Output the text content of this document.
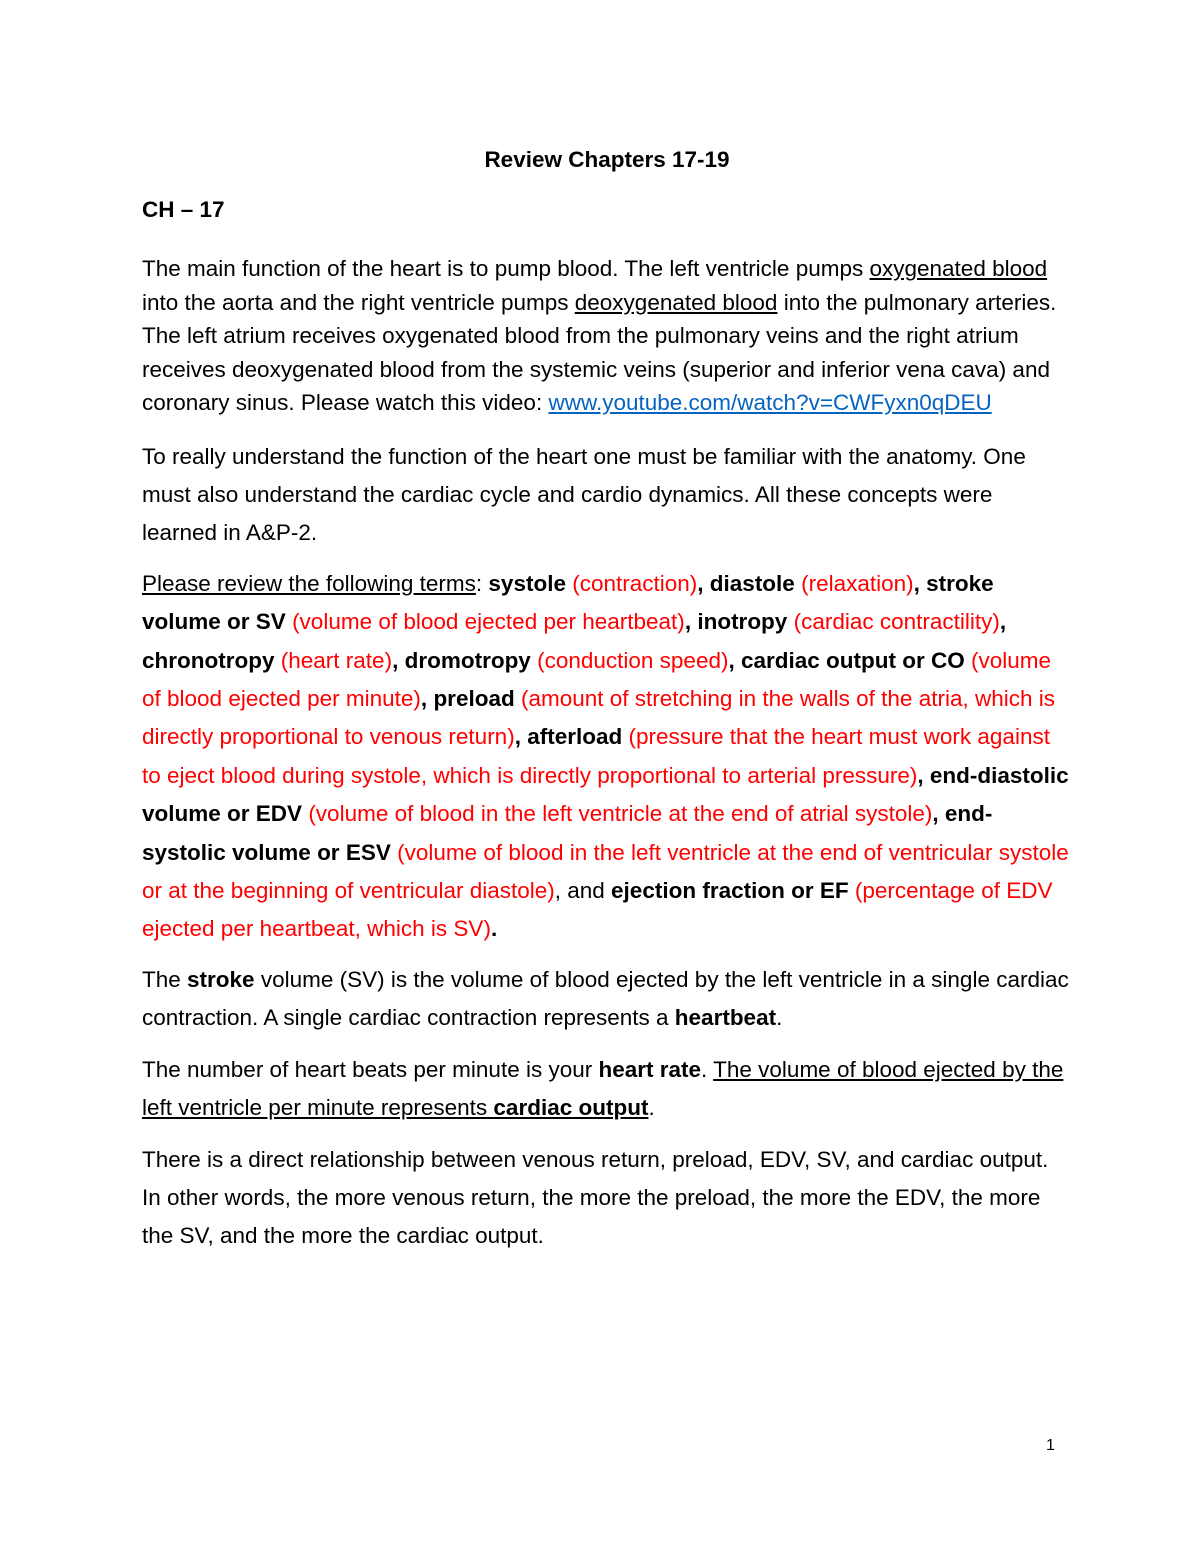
Review Chapters 17-19
CH – 17

The main function of the heart is to pump blood. The left ventricle pumps oxygenated blood into the aorta and the right ventricle pumps deoxygenated blood into the pulmonary arteries. The left atrium receives oxygenated blood from the pulmonary veins and the right atrium receives deoxygenated blood from the systemic veins (superior and inferior vena cava) and coronary sinus. Please watch this video: www.youtube.com/watch?v=CWFyxn0qDEU

To really understand the function of the heart one must be familiar with the anatomy. One must also understand the cardiac cycle and cardio dynamics. All these concepts were learned in A&P-2.

Please review the following terms: systole (contraction), diastole (relaxation), stroke volume or SV (volume of blood ejected per heartbeat), inotropy (cardiac contractility), chronotropy (heart rate), dromotropy (conduction speed), cardiac output or CO (volume of blood ejected per minute), preload (amount of stretching in the walls of the atria, which is directly proportional to venous return), afterload (pressure that the heart must work against to eject blood during systole, which is directly proportional to arterial pressure), end-diastolic volume or EDV (volume of blood in the left ventricle at the end of atrial systole), end-systolic volume or ESV (volume of blood in the left ventricle at the end of ventricular systole or at the beginning of ventricular diastole), and ejection fraction or EF (percentage of EDV ejected per heartbeat, which is SV).

The stroke volume (SV) is the volume of blood ejected by the left ventricle in a single cardiac contraction. A single cardiac contraction represents a heartbeat.

The number of heart beats per minute is your heart rate. The volume of blood ejected by the left ventricle per minute represents cardiac output.

There is a direct relationship between venous return, preload, EDV, SV, and cardiac output. In other words, the more venous return, the more the preload, the more the EDV, the more the SV, and the more the cardiac output.

1
